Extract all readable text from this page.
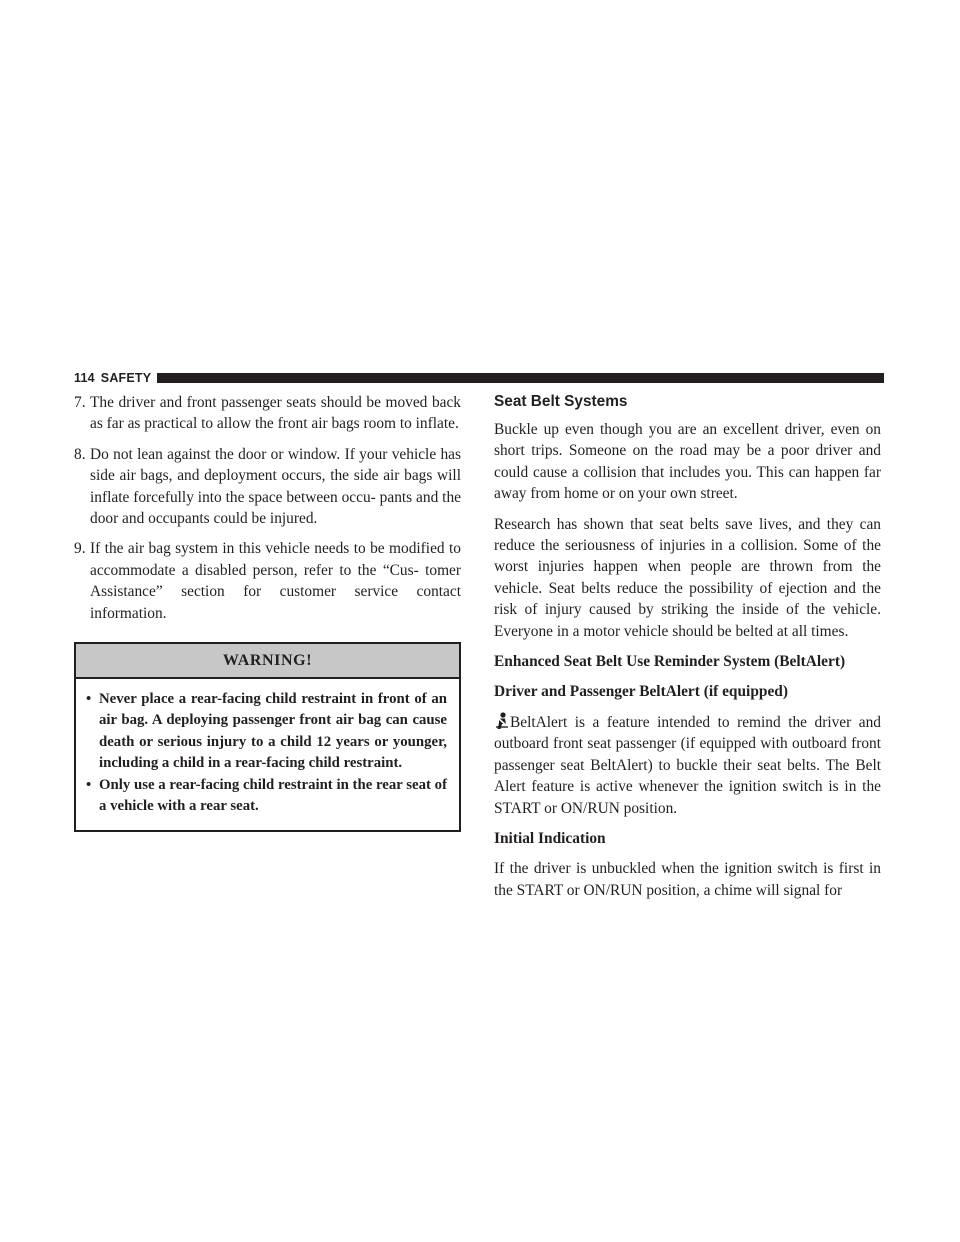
114 SAFETY
7. The driver and front passenger seats should be moved back as far as practical to allow the front air bags room to inflate.
8. Do not lean against the door or window. If your vehicle has side air bags, and deployment occurs, the side air bags will inflate forcefully into the space between occu- pants and the door and occupants could be injured.
9. If the air bag system in this vehicle needs to be modified to accommodate a disabled person, refer to the “Cus- tomer Assistance” section for customer service contact information.
WARNING!
• Never place a rear-facing child restraint in front of an air bag. A deploying passenger front air bag can cause death or serious injury to a child 12 years or younger, including a child in a rear-facing child restraint.
• Only use a rear-facing child restraint in the rear seat of a vehicle with a rear seat.
Seat Belt Systems

Buckle up even though you are an excellent driver, even on short trips. Someone on the road may be a poor driver and could cause a collision that includes you. This can happen far away from home or on your own street.

Research has shown that seat belts save lives, and they can reduce the seriousness of injuries in a collision. Some of the worst injuries happen when people are thrown from the vehicle. Seat belts reduce the possibility of ejection and the risk of injury caused by striking the inside of the vehicle. Everyone in a motor vehicle should be belted at all times.

Enhanced Seat Belt Use Reminder System (BeltAlert)
Driver and Passenger BeltAlert (if equipped)

BeltAlert is a feature intended to remind the driver and outboard front seat passenger (if equipped with outboard front passenger seat BeltAlert) to buckle their seat belts. The Belt Alert feature is active whenever the ignition switch is in the START or ON/RUN position.

Initial Indication

If the driver is unbuckled when the ignition switch is first in the START or ON/RUN position, a chime will signal for
